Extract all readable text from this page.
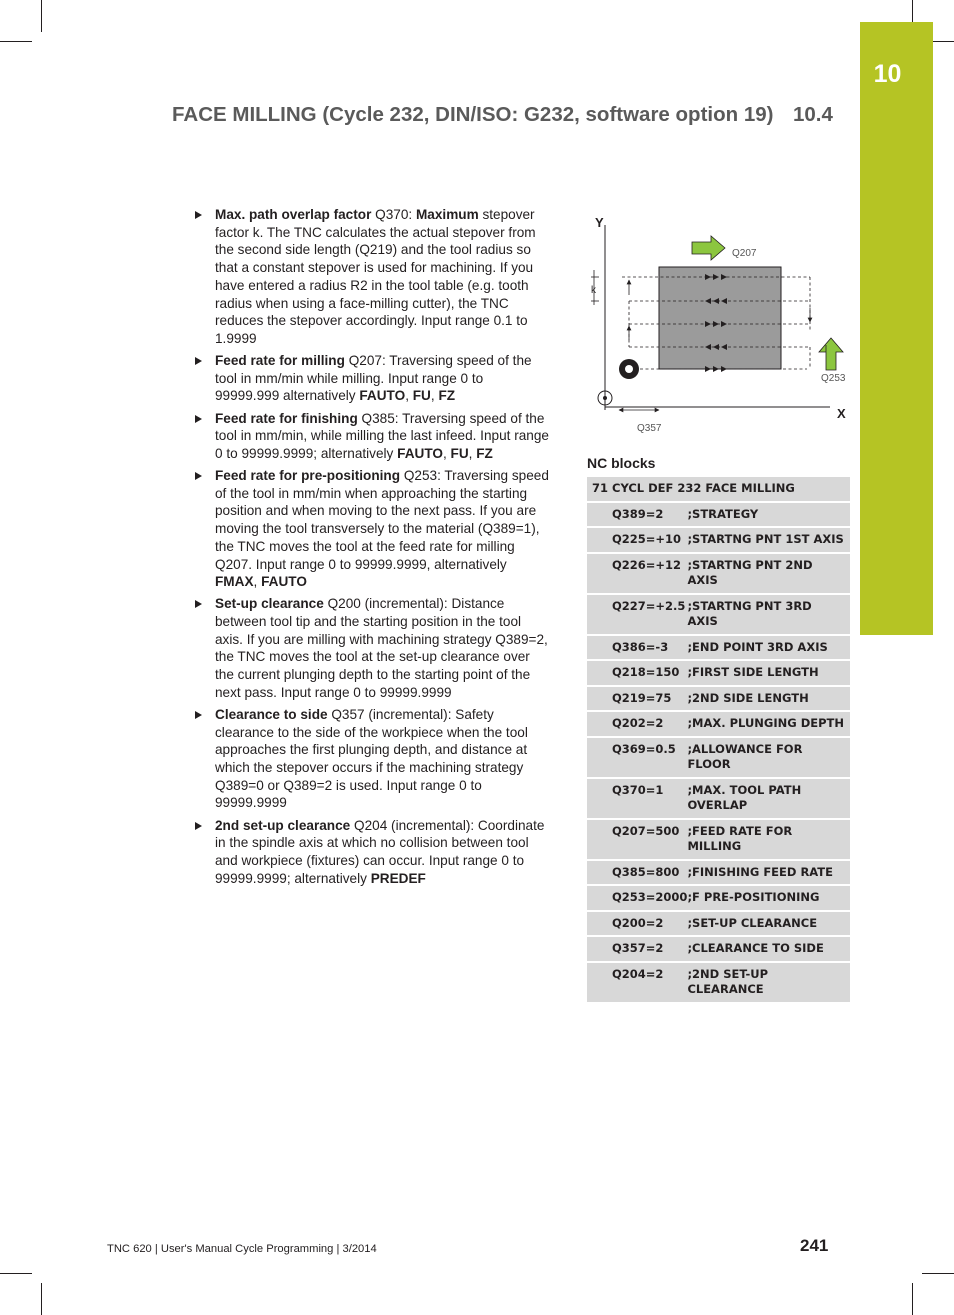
10
FACE MILLING (Cycle 232, DIN/ISO: G232, software option 19) 10.4
Max. path overlap factor Q370: Maximum stepover factor k. The TNC calculates the actual stepover from the second side length (Q219) and the tool radius so that a constant stepover is used for machining. If you have entered a radius R2 in the tool table (e.g. tooth radius when using a face-milling cutter), the TNC reduces the stepover accordingly. Input range 0.1 to 1.9999
Feed rate for milling Q207: Traversing speed of the tool in mm/min while milling. Input range 0 to 99999.999 alternatively FAUTO, FU, FZ
Feed rate for finishing Q385: Traversing speed of the tool in mm/min, while milling the last infeed. Input range 0 to 99999.9999; alternatively FAUTO, FU, FZ
Feed rate for pre-positioning Q253: Traversing speed of the tool in mm/min when approaching the starting position and when moving to the next pass. If you are moving the tool transversely to the material (Q389=1), the TNC moves the tool at the feed rate for milling Q207. Input range 0 to 99999.9999, alternatively FMAX, FAUTO
Set-up clearance Q200 (incremental): Distance between tool tip and the starting position in the tool axis. If you are milling with machining strategy Q389=2, the TNC moves the tool at the set-up clearance over the current plunging depth to the starting point of the next pass. Input range 0 to 99999.9999
Clearance to side Q357 (incremental): Safety clearance to the side of the workpiece when the tool approaches the first plunging depth, and distance at which the stepover occurs if the machining strategy Q389=0 or Q389=2 is used. Input range 0 to 99999.9999
2nd set-up clearance Q204 (incremental): Coordinate in the spindle axis at which no collision between tool and workpiece (fixtures) can occur. Input range 0 to 99999.9999; alternatively PREDEF
Y
X
k
Q357
Q207
Q253
NC blocks
71 CYCL DEF 232 FACE MILLING	
Q389=2	;STRATEGY
Q225=+10	;STARTNG PNT 1ST AXIS
Q226=+12	;STARTNG PNT 2ND AXIS
Q227=+2.5	;STARTNG PNT 3RD AXIS
Q386=-3	;END POINT 3RD AXIS
Q218=150	;FIRST SIDE LENGTH
Q219=75	;2ND SIDE LENGTH
Q202=2	;MAX. PLUNGING DEPTH
Q369=0.5	;ALLOWANCE FOR FLOOR
Q370=1	;MAX. TOOL PATH OVERLAP
Q207=500	;FEED RATE FOR MILLING
Q385=800	;FINISHING FEED RATE
Q253=2000	;F PRE-POSITIONING
Q200=2	;SET-UP CLEARANCE
Q357=2	;CLEARANCE TO SIDE
Q204=2	;2ND SET-UP CLEARANCE
TNC 620 | User's Manual Cycle Programming | 3/2014	241
